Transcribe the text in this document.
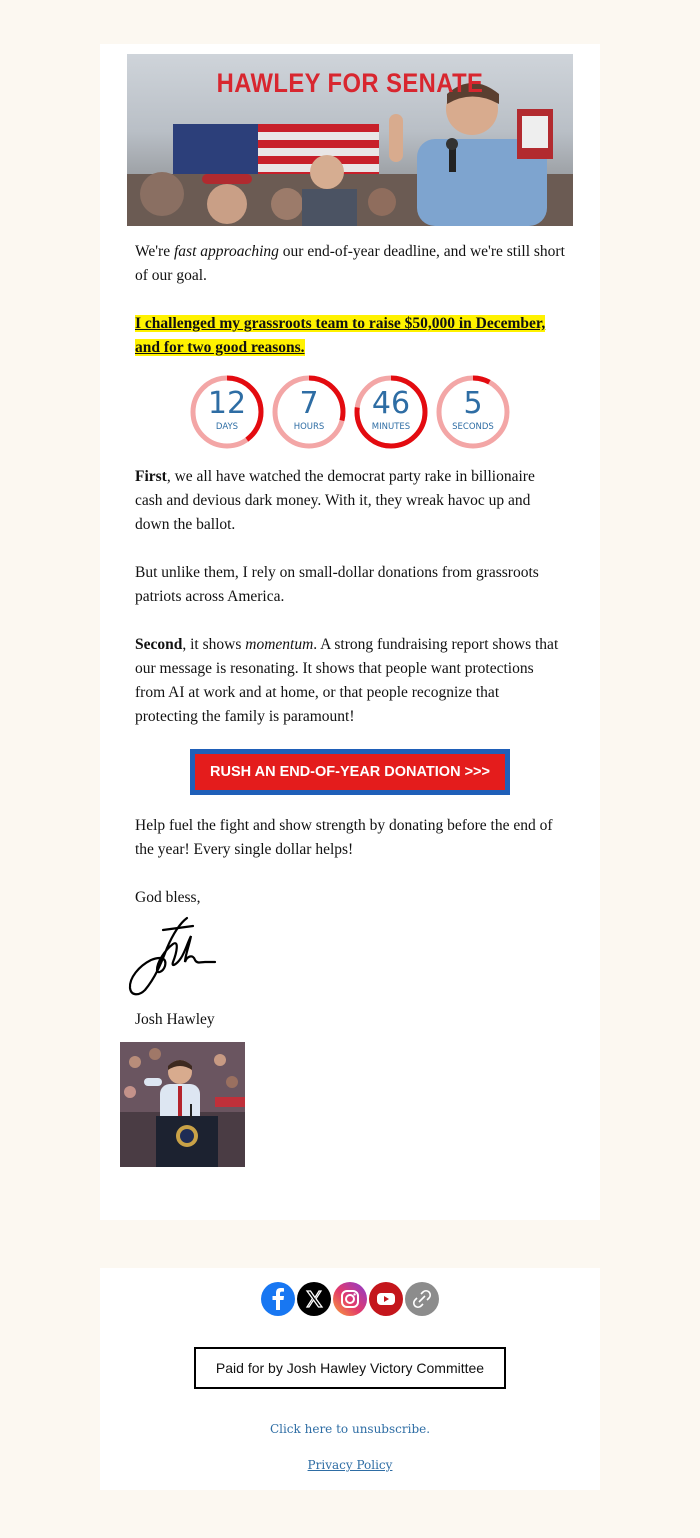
HAWLEY FOR SENATE

We're fast approaching our end-of-year deadline, and we're still short of our goal.

I challenged my grassroots team to raise $50,000 in December, and for two good reasons.

12
DAYS
7
HOURS
46
MINUTES
5
SECONDS

First, we all have watched the democrat party rake in billionaire cash and devious dark money. With it, they wreak havoc up and down the ballot.

But unlike them, I rely on small-dollar donations from grassroots patriots across America.

Second, it shows momentum. A strong fundraising report shows that our message is resonating. It shows that people want protections from AI at work and at home, or that people recognize that protecting the family is paramount!

RUSH AN END-OF-YEAR DONATION >>>

Help fuel the fight and show strength by donating before the end of the year! Every single dollar helps!

God bless,

Josh Hawley

Paid for by Josh Hawley Victory Committee
Click here to unsubscribe.
Privacy Policy
